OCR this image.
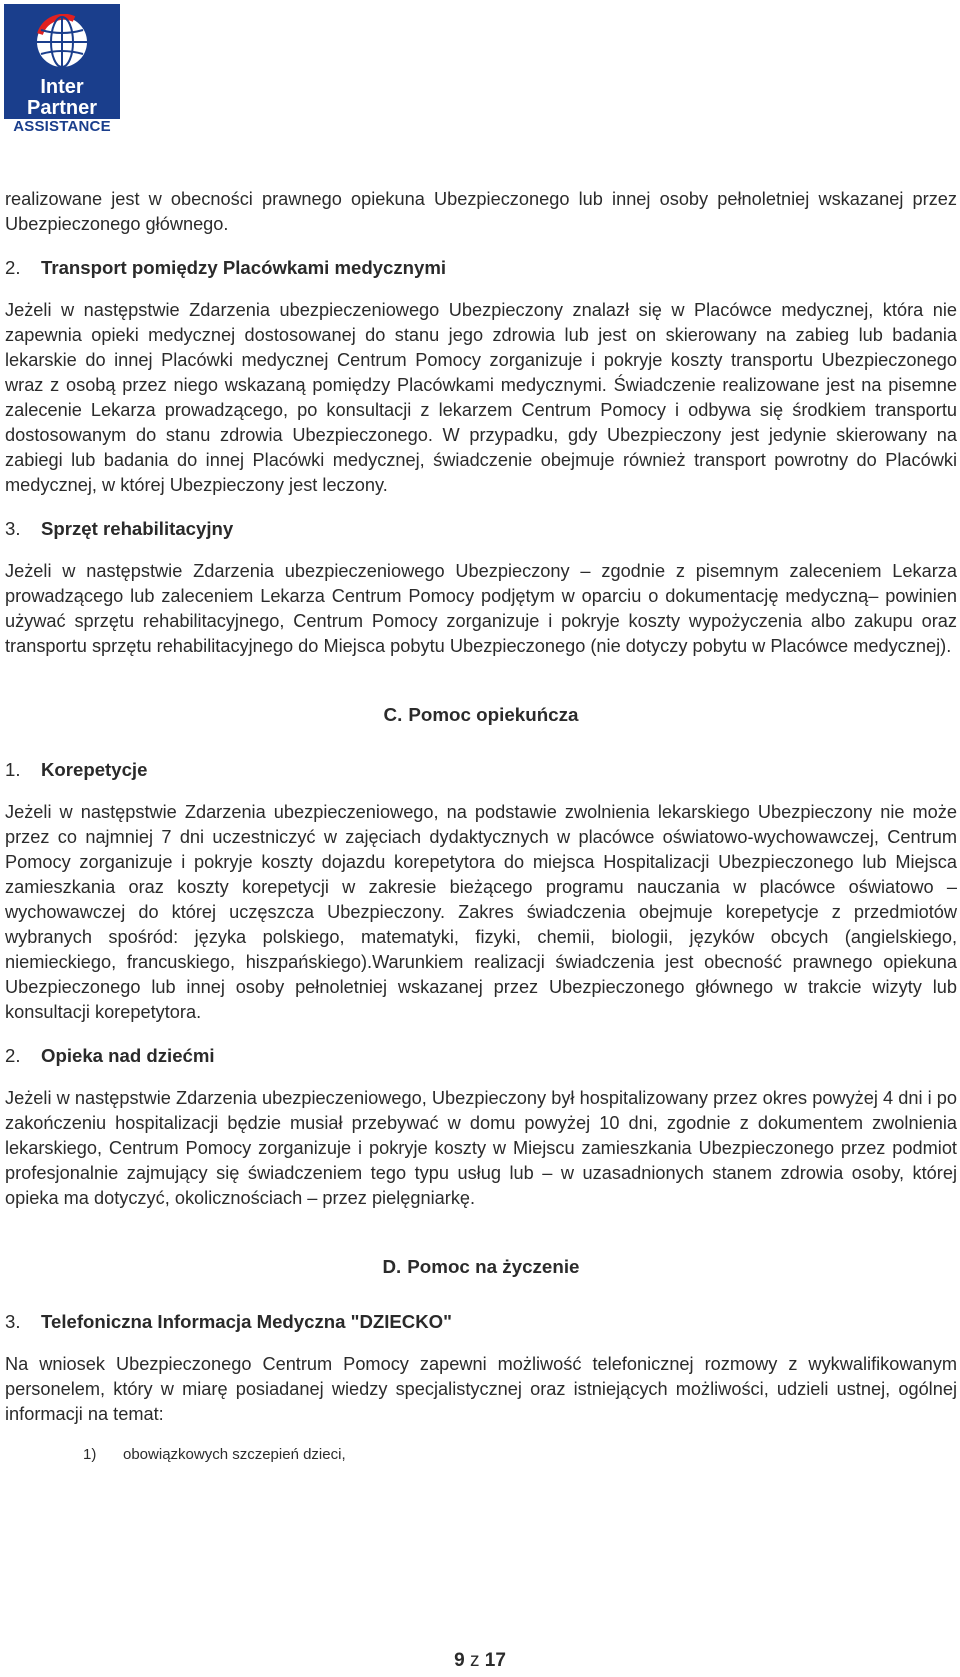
Inter
Partner
ASSISTANCE

realizowane jest w obecności prawnego opiekuna Ubezpieczonego lub innej osoby pełnoletniej wskazanej przez Ubezpieczonego głównego.

2. Transport pomiędzy Placówkami medycznymi

Jeżeli w następstwie Zdarzenia ubezpieczeniowego Ubezpieczony znalazł się w Placówce medycznej, która nie zapewnia opieki medycznej dostosowanej do stanu jego zdrowia lub jest on skierowany na zabieg lub badania lekarskie do innej Placówki medycznej Centrum Pomocy zorganizuje i pokryje koszty transportu Ubezpieczonego wraz z osobą przez niego wskazaną pomiędzy Placówkami medycznymi. Świadczenie realizowane jest na pisemne zalecenie Lekarza prowadzącego, po konsultacji z lekarzem Centrum Pomocy i odbywa się środkiem transportu dostosowanym do stanu zdrowia Ubezpieczonego. W przypadku, gdy Ubezpieczony jest jedynie skierowany na zabiegi lub badania do innej Placówki medycznej, świadczenie obejmuje również transport powrotny do Placówki medycznej, w której Ubezpieczony jest leczony.

3. Sprzęt rehabilitacyjny

Jeżeli w następstwie Zdarzenia ubezpieczeniowego Ubezpieczony – zgodnie z pisemnym zaleceniem Lekarza prowadzącego lub zaleceniem Lekarza Centrum Pomocy podjętym w oparciu o dokumentację medyczną– powinien używać sprzętu rehabilitacyjnego, Centrum Pomocy zorganizuje i pokryje koszty wypożyczenia albo zakupu oraz transportu sprzętu rehabilitacyjnego do Miejsca pobytu Ubezpieczonego (nie dotyczy pobytu w Placówce medycznej).

C. Pomoc opiekuńcza

1. Korepetycje

Jeżeli w następstwie Zdarzenia ubezpieczeniowego, na podstawie zwolnienia lekarskiego Ubezpieczony nie może przez co najmniej 7 dni uczestniczyć w zajęciach dydaktycznych w placówce oświatowo-wychowawczej, Centrum Pomocy zorganizuje i pokryje koszty dojazdu korepetytora do miejsca Hospitalizacji Ubezpieczonego lub Miejsca zamieszkania oraz koszty korepetycji w zakresie bieżącego programu nauczania w placówce oświatowo – wychowawczej do której uczęszcza Ubezpieczony. Zakres świadczenia obejmuje korepetycje z przedmiotów wybranych spośród: języka polskiego, matematyki, fizyki, chemii, biologii, języków obcych (angielskiego, niemieckiego, francuskiego, hiszpańskiego).Warunkiem realizacji świadczenia jest obecność prawnego opiekuna Ubezpieczonego lub innej osoby pełnoletniej wskazanej przez Ubezpieczonego głównego w trakcie wizyty lub konsultacji korepetytora.

2. Opieka nad dziećmi

Jeżeli w następstwie Zdarzenia ubezpieczeniowego, Ubezpieczony był hospitalizowany przez okres powyżej 4 dni i po zakończeniu hospitalizacji będzie musiał przebywać w domu powyżej 10 dni, zgodnie z dokumentem zwolnienia lekarskiego, Centrum Pomocy zorganizuje i pokryje koszty w Miejscu zamieszkania Ubezpieczonego przez podmiot profesjonalnie zajmujący się świadczeniem tego typu usług lub – w uzasadnionych stanem zdrowia osoby, której opieka ma dotyczyć, okolicznościach – przez pielęgniarkę.

D. Pomoc na życzenie

3. Telefoniczna Informacja Medyczna "DZIECKO"

Na wniosek Ubezpieczonego Centrum Pomocy zapewni możliwość telefonicznej rozmowy z wykwalifikowanym personelem, który w miarę posiadanej wiedzy specjalistycznej oraz istniejących możliwości, udzieli ustnej, ogólnej informacji na temat:

1) obowiązkowych szczepień dzieci,

9 z 17
